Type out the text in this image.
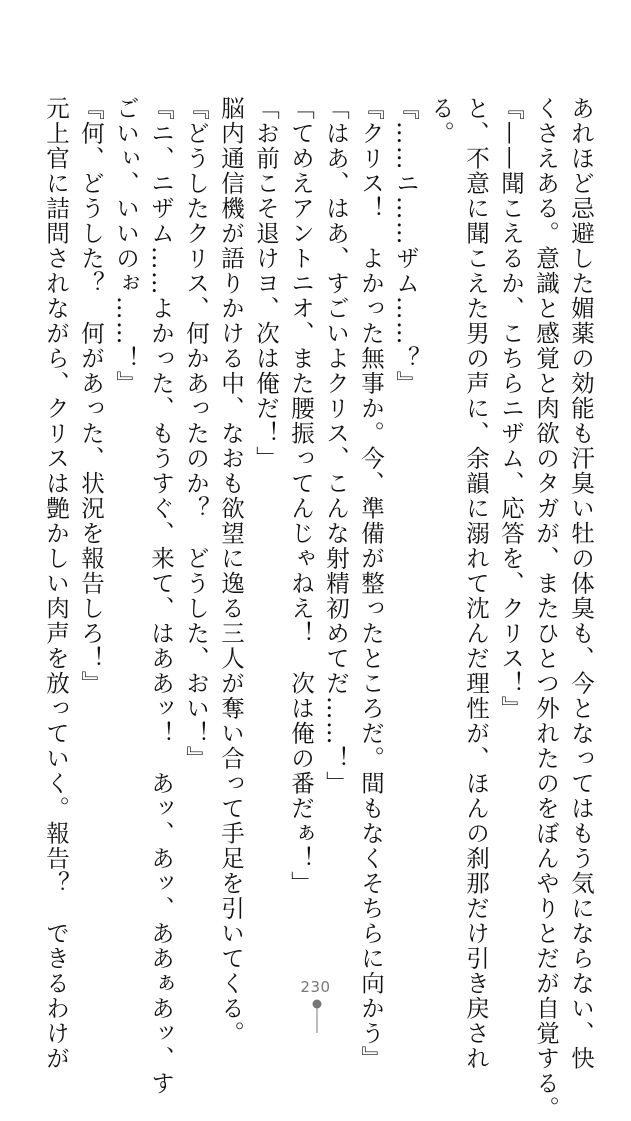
あれほど忌避した媚薬の効能も汗臭い牡の体臭も、今となってはもう気にならない、快
くさえある。意識と感覚と肉欲のタガが、またひとつ外れたのをぼんやりとだが自覚する。
『——聞こえるか、こちらニザム、応答を、クリス！』
と、不意に聞こえた男の声に、余韻に溺れて沈んだ理性が、ほんの刹那だけ引き戻され
る。
『……ニ……ザム……？』
『クリス！　よかった無事か。今、準備が整ったところだ。間もなくそちらに向かう』
「はあ、はあ、すごいよクリス、こんな射精初めてだ……！」
「てめえアントニオ、また腰振ってんじゃねえ！　次は俺の番だぁ！」
「お前こそ退けヨ、次は俺だ！」
脳内通信機が語りかける中、なおも欲望に逸る三人が奪い合って手足を引いてくる。
『どうしたクリス、何かあったのか？　どうした、おい！』
『ニ、ニザム……よかった、もうすぐ、来て、はああッ！　あッ、あッ、ああぁあッ、す
ごいぃ、いいのぉ……！』
『何、どうした？　何があった、状況を報告しろ！』
元上官に詰問されながら、クリスは艶かしい肉声を放っていく。報告？　できるわけが	230
